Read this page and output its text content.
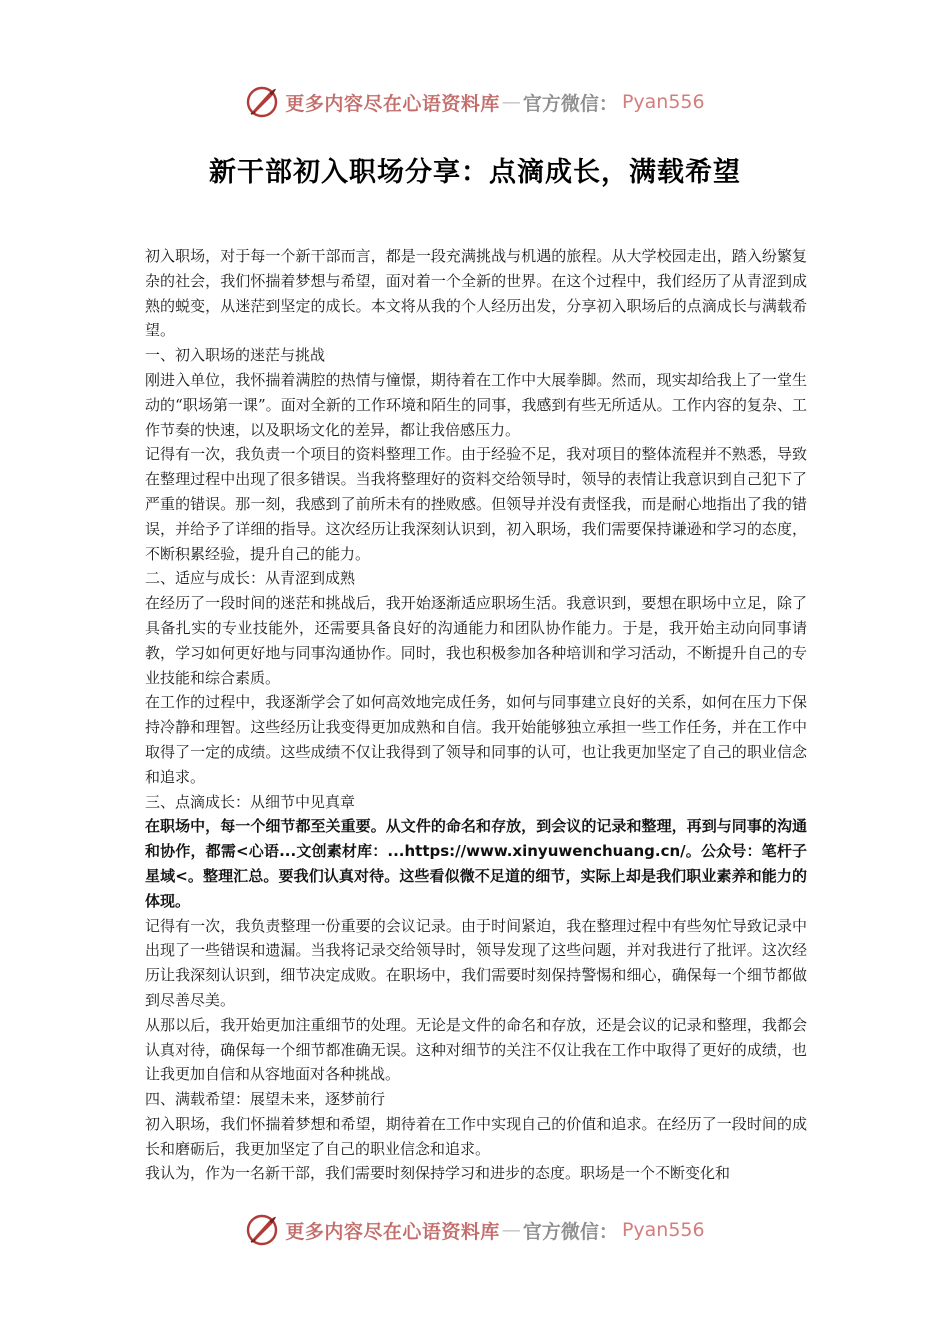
更多内容尽在心语资料库 — 官方微信： Pyan556
新干部初入职场分享：点滴成长，满载希望

初入职场，对于每一个新干部而言，都是一段充满挑战与机遇的旅程。从大学校园走出，踏入纷繁复杂的社会，我们怀揣着梦想与希望，面对着一个全新的世界。在这个过程中，我们经历了从青涩到成熟的蜕变，从迷茫到坚定的成长。本文将从我的个人经历出发，分享初入职场后的点滴成长与满载希望。

一、初入职场的迷茫与挑战

刚进入单位，我怀揣着满腔的热情与憧憬，期待着在工作中大展拳脚。然而，现实却给我上了一堂生动的“职场第一课”。面对全新的工作环境和陌生的同事，我感到有些无所适从。工作内容的复杂、工作节奏的快速，以及职场文化的差异，都让我倍感压力。

记得有一次，我负责一个项目的资料整理工作。由于经验不足，我对项目的整体流程并不熟悉，导致在整理过程中出现了很多错误。当我将整理好的资料交给领导时，领导的表情让我意识到自己犯下了严重的错误。那一刻，我感到了前所未有的挫败感。但领导并没有责怪我，而是耐心地指出了我的错误，并给予了详细的指导。这次经历让我深刻认识到，初入职场，我们需要保持谦逊和学习的态度，不断积累经验，提升自己的能力。

二、适应与成长：从青涩到成熟

在经历了一段时间的迷茫和挑战后，我开始逐渐适应职场生活。我意识到，要想在职场中立足，除了具备扎实的专业技能外，还需要具备良好的沟通能力和团队协作能力。于是，我开始主动向同事请教，学习如何更好地与同事沟通协作。同时，我也积极参加各种培训和学习活动，不断提升自己的专业技能和综合素质。

在工作的过程中，我逐渐学会了如何高效地完成任务，如何与同事建立良好的关系，如何在压力下保持冷静和理智。这些经历让我变得更加成熟和自信。我开始能够独立承担一些工作任务，并在工作中取得了一定的成绩。这些成绩不仅让我得到了领导和同事的认可，也让我更加坚定了自己的职业信念和追求。

三、点滴成长：从细节中见真章

在职场中，每一个细节都至关重要。从文件的命名和存放，到会议的记录和整理，再到与同事的沟通和协作，都需<心语...文创素材库：...https://www.xinyuwenchuang.cn/。公众号：笔杆子星域<。整理汇总。要我们认真对待。这些看似微不足道的细节，实际上却是我们职业素养和能力的体现。

记得有一次，我负责整理一份重要的会议记录。由于时间紧迫，我在整理过程中有些匆忙导致记录中出现了一些错误和遗漏。当我将记录交给领导时，领导发现了这些问题，并对我进行了批评。这次经历让我深刻认识到，细节决定成败。在职场中，我们需要时刻保持警惕和细心，确保每一个细节都做到尽善尽美。

从那以后，我开始更加注重细节的处理。无论是文件的命名和存放，还是会议的记录和整理，我都会认真对待，确保每一个细节都准确无误。这种对细节的关注不仅让我在工作中取得了更好的成绩，也让我更加自信和从容地面对各种挑战。

四、满载希望：展望未来，逐梦前行

初入职场，我们怀揣着梦想和希望，期待着在工作中实现自己的价值和追求。在经历了一段时间的成长和磨砺后，我更加坚定了自己的职业信念和追求。

我认为，作为一名新干部，我们需要时刻保持学习和进步的态度。职场是一个不断变化和

更多内容尽在心语资料库 — 官方微信： Pyan556
